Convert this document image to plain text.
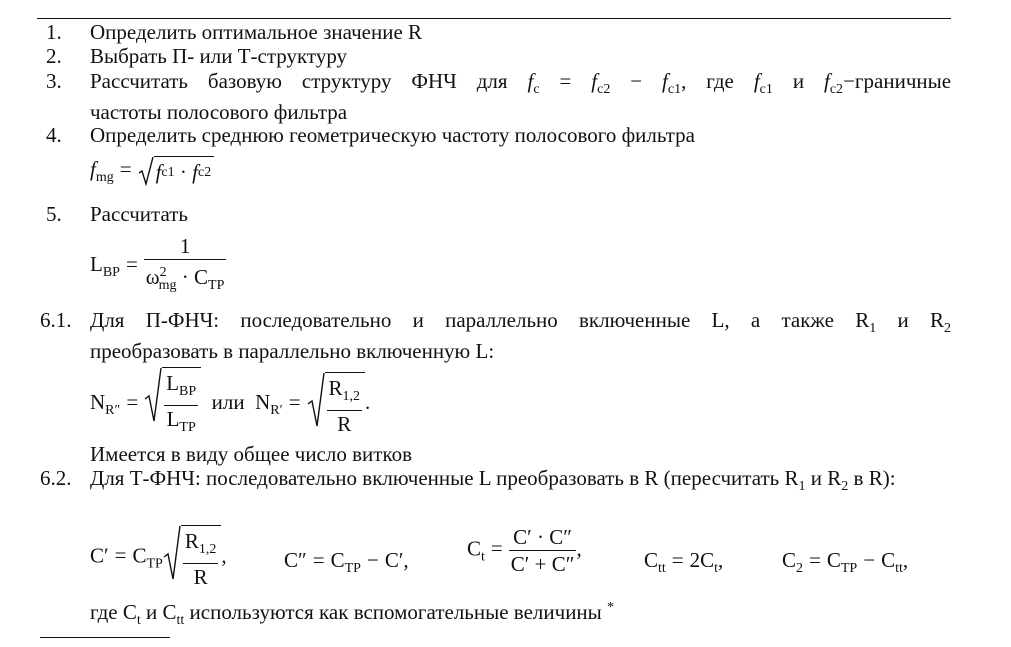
1. Определить оптимальное значение R
2. Выбрать П- или Т-структуру
3. Рассчитать базовую структуру ФНЧ для $f_c = f_{c2} - f_{c1}$, где $f_{c1}$ и $f_{c2}-граничные$ частоты полосового фильтра
4. Определить среднюю геометрическую частоту полосового фильтра
$f_{mg} = f$ c1 · f c2
5. Рассчитать
$L_{BP} = \frac{1}{\omega^2_{mg} \cdot C_{TP}}$
6.1. Для П-ФНЧ: последовательно и параллельно включенные L, а также $R_1$ и $R_2$ преобразовать в параллельно включенную L:
$N_{R''} = \frac{L_{BP}}{L_{TP}}$ или $N_{R'} = \frac{R_{1,2}}{R}$ .
Имеется в виду общее число витков
6.2. Для Т-ФНЧ: последовательно включенные L преобразовать в R (пересчитать $R_1$ и $R_2$ в R):
$C' = C_{TP} \frac{R_{1,2}}{R}$ ,	$C'' = C_{TP} - C'$,	$C_t = \frac{C' \cdot C''}{C' + C''}$ ,	$C_{tt} = 2C_t$,	$C_2 = C_{TP} - C_{tt}$,
где $C_t$ и $C_{tt}$ используются как вспомогательные величины *
